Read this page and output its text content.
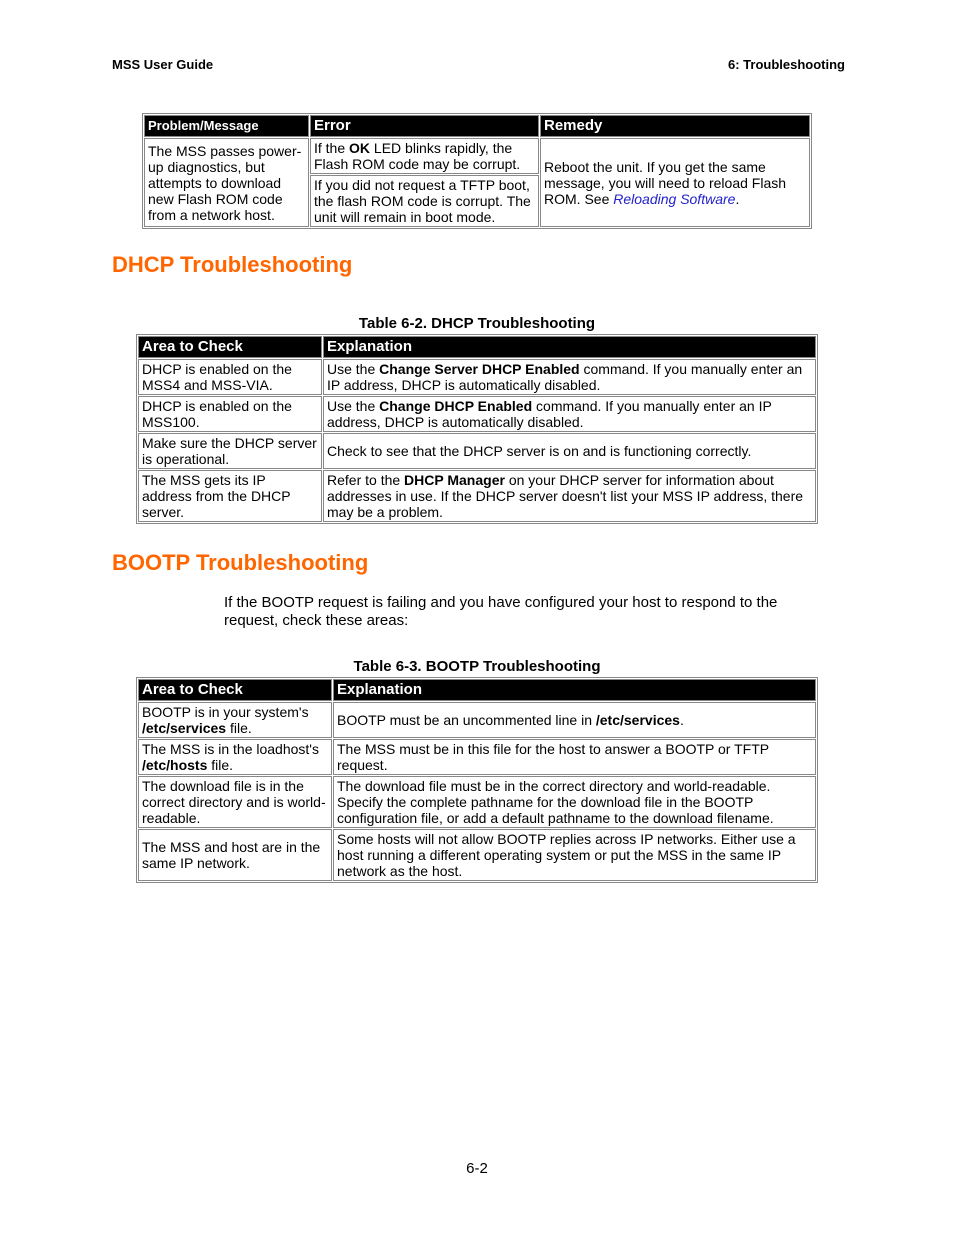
MSS User Guide	6: Troubleshooting
Problem/Message	Error	Remedy
The MSS passes power-up diagnostics, but attempts to download new Flash ROM code from a network host.	If the OK LED blinks rapidly, the Flash ROM code may be corrupt.	Reboot the unit. If you get the same message, you will need to reload Flash ROM. See Reloading Software.
	If you did not request a TFTP boot, the flash ROM code is corrupt. The unit will remain in boot mode.	
DHCP Troubleshooting
Table 6-2. DHCP Troubleshooting
Area to Check	Explanation
DHCP is enabled on the MSS4 and MSS-VIA.	Use the Change Server DHCP Enabled command. If you manually enter an IP address, DHCP is automatically disabled.
DHCP is enabled on the MSS100.	Use the Change DHCP Enabled command. If you manually enter an IP address, DHCP is automatically disabled.
Make sure the DHCP server is operational.	Check to see that the DHCP server is on and is functioning correctly.
The MSS gets its IP address from the DHCP server.	Refer to the DHCP Manager on your DHCP server for information about addresses in use. If the DHCP server doesn't list your MSS IP address, there may be a problem.
BOOTP Troubleshooting

If the BOOTP request is failing and you have configured your host to respond to the request, check these areas:

Table 6-3. BOOTP Troubleshooting
Area to Check	Explanation
BOOTP is in your system's /etc/services file.	BOOTP must be an uncommented line in /etc/services.
The MSS is in the loadhost's /etc/hosts file.	The MSS must be in this file for the host to answer a BOOTP or TFTP request.
The download file is in the correct directory and is world-readable.	The download file must be in the correct directory and world-readable. Specify the complete pathname for the download file in the BOOTP configuration file, or add a default pathname to the download filename.
The MSS and host are in the same IP network.	Some hosts will not allow BOOTP replies across IP networks. Either use a host running a different operating system or put the MSS in the same IP network as the host.
6-2
